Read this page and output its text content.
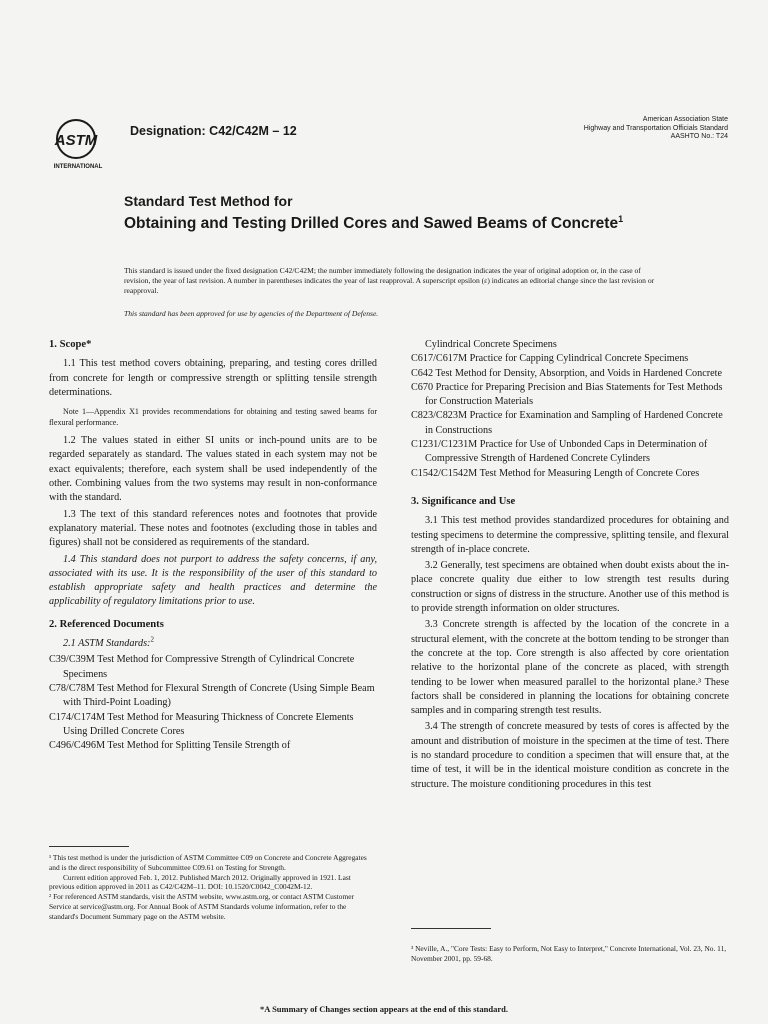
ASTM
INTERNATIONAL
Designation: C42/C42M – 12
American Association State
Highway and Transportation Officials Standard
AASHTO No.: T24
Standard Test Method for
Obtaining and Testing Drilled Cores and Sawed Beams of Concrete$^1$
This standard is issued under the fixed designation C42/C42M; the number immediately following the designation indicates the year of original adoption or, in the case of revision, the year of last revision. A number in parentheses indicates the year of last reapproval. A superscript epsilon (ε) indicates an editorial change since the last revision or reapproval.
This standard has been approved for use by agencies of the Department of Defense.
1. Scope*

1.1 This test method covers obtaining, preparing, and testing cores drilled from concrete for length or compressive strength or splitting tensile strength determinations.

Note 1—Appendix X1 provides recommendations for obtaining and testing sawed beams for flexural performance.

1.2 The values stated in either SI units or inch-pound units are to be regarded separately as standard. The values stated in each system may not be exact equivalents; therefore, each system shall be used independently of the other. Combining values from the two systems may result in non-conformance with the standard.

1.3 The text of this standard references notes and footnotes that provide explanatory material. These notes and footnotes (excluding those in tables and figures) shall not be considered as requirements of the standard.

1.4 This standard does not purport to address the safety concerns, if any, associated with its use. It is the responsibility of the user of this standard to establish appropriate safety and health practices and determine the applicability of regulatory limitations prior to use.

2. Referenced Documents

2.1 ASTM Standards:$^2$

C39/C39M Test Method for Compressive Strength of Cylindrical Concrete Specimens

C78/C78M Test Method for Flexural Strength of Concrete (Using Simple Beam with Third-Point Loading)

C174/C174M Test Method for Measuring Thickness of Concrete Elements Using Drilled Concrete Cores

C496/C496M Test Method for Splitting Tensile Strength of

¹ This test method is under the jurisdiction of ASTM Committee C09 on Concrete and Concrete Aggregates and is the direct responsibility of Subcommittee C09.61 on Testing for Strength.

Current edition approved Feb. 1, 2012. Published March 2012. Originally approved in 1921. Last previous edition approved in 2011 as C42/C42M–11. DOI: 10.1520/C0042_C0042M-12.

² For referenced ASTM standards, visit the ASTM website, www.astm.org, or contact ASTM Customer Service at service@astm.org. For Annual Book of ASTM Standards volume information, refer to the standard's Document Summary page on the ASTM website.

Cylindrical Concrete Specimens

C617/C617M Practice for Capping Cylindrical Concrete Specimens

C642 Test Method for Density, Absorption, and Voids in Hardened Concrete

C670 Practice for Preparing Precision and Bias Statements for Test Methods for Construction Materials

C823/C823M Practice for Examination and Sampling of Hardened Concrete in Constructions

C1231/C1231M Practice for Use of Unbonded Caps in Determination of Compressive Strength of Hardened Concrete Cylinders

C1542/C1542M Test Method for Measuring Length of Concrete Cores

3. Significance and Use

3.1 This test method provides standardized procedures for obtaining and testing specimens to determine the compressive, splitting tensile, and flexural strength of in-place concrete.

3.2 Generally, test specimens are obtained when doubt exists about the in-place concrete quality due either to low strength test results during construction or signs of distress in the structure. Another use of this method is to provide strength information on older structures.

3.3 Concrete strength is affected by the location of the concrete in a structural element, with the concrete at the bottom tending to be stronger than the concrete at the top. Core strength is also affected by core orientation relative to the horizontal plane of the concrete as placed, with strength tending to be lower when measured parallel to the horizontal plane.³ These factors shall be considered in planning the locations for obtaining concrete samples and in comparing strength test results.

3.4 The strength of concrete measured by tests of cores is affected by the amount and distribution of moisture in the specimen at the time of test. There is no standard procedure to condition a specimen that will ensure that, at the time of test, it will be in the identical moisture condition as concrete in the structure. The moisture conditioning procedures in this test

³ Neville, A., "Core Tests: Easy to Perform, Not Easy to Interpret," Concrete International, Vol. 23, No. 11, November 2001, pp. 59-68.
*A Summary of Changes section appears at the end of this standard.
